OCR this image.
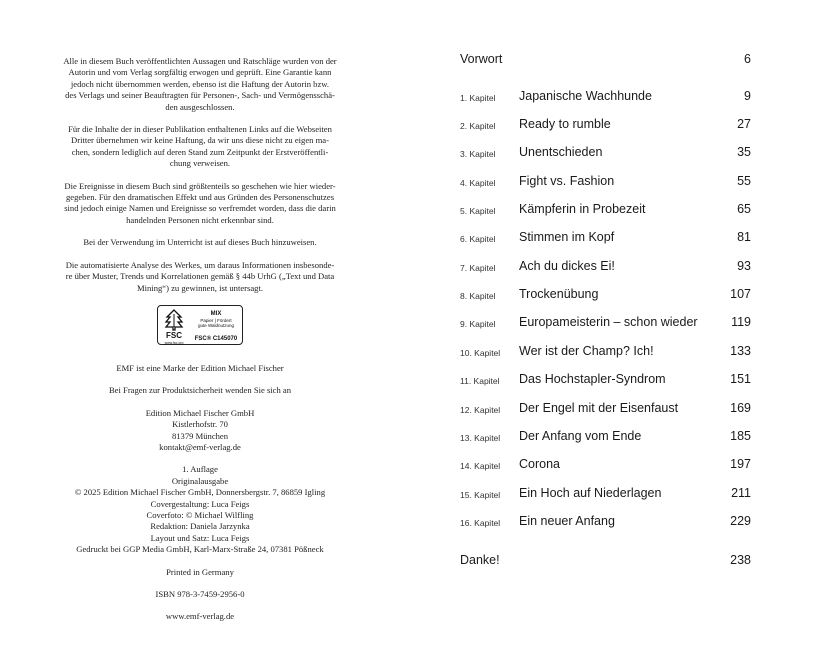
Alle in diesem Buch veröffentlichten Aussagen und Ratschläge wurden von der
Autorin und vom Verlag sorgfältig erwogen und geprüft. Eine Garantie kann
jedoch nicht übernommen werden, ebenso ist die Haftung der Autorin bzw.
des Verlags und seiner Beauftragten für Personen-, Sach- und Vermögensschä-
den ausgeschlossen.
Für die Inhalte der in dieser Publikation enthaltenen Links auf die Webseiten
Dritter übernehmen wir keine Haftung, da wir uns diese nicht zu eigen ma-
chen, sondern lediglich auf deren Stand zum Zeitpunkt der Erstveröffentli-
chung verweisen.
Die Ereignisse in diesem Buch sind größtenteils so geschehen wie hier wieder-
gegeben. Für den dramatischen Effekt und aus Gründen des Personenschutzes
sind jedoch einige Namen und Ereignisse so verfremdet worden, dass die darin
handelnden Personen nicht erkennbar sind.
Bei der Verwendung im Unterricht ist auf dieses Buch hinzuweisen.
Die automatisierte Analyse des Werkes, um daraus Informationen insbesonde-
re über Muster, Trends und Korrelationen gemäß § 44b UrhG („Text und Data
Mining“) zu gewinnen, ist untersagt.
FSC
www.fsc.org
MIX
Papier | Fördert
gute Waldnutzung
FSC® C145070
EMF ist eine Marke der Edition Michael Fischer
Bei Fragen zur Produktsicherheit wenden Sie sich an
Edition Michael Fischer GmbH
Kistlerhofstr. 70
81379 München
kontakt@emf-verlag.de
1. Auflage
Originalausgabe
© 2025 Edition Michael Fischer GmbH, Donnersbergstr. 7, 86859 Igling
Covergestaltung: Luca Feigs
Coverfoto: © Michael Wilfling
Redaktion: Daniela Jarzynka
Layout und Satz: Luca Feigs
Gedruckt bei GGP Media GmbH, Karl-Marx-Straße 24, 07381 Pößneck
Printed in Germany
ISBN 978-3-7459-2956-0
www.emf-verlag.de
Vorwort	6
1. Kapitel Japanische Wachhunde	9
2. Kapitel Ready to rumble	27
3. Kapitel Unentschieden	35
4. Kapitel Fight vs. Fashion	55
5. Kapitel Kämpferin in Probezeit	65
6. Kapitel Stimmen im Kopf	81
7. Kapitel Ach du dickes Ei!	93
8. Kapitel Trockenübung	107
9. Kapitel Europameisterin – schon wieder	119
10. Kapitel Wer ist der Champ? Ich!	133
11. Kapitel Das Hochstapler-Syndrom	151
12. Kapitel Der Engel mit der Eisenfaust	169
13. Kapitel Der Anfang vom Ende	185
14. Kapitel Corona	197
15. Kapitel Ein Hoch auf Niederlagen	211
16. Kapitel Ein neuer Anfang	229
Danke!	238
